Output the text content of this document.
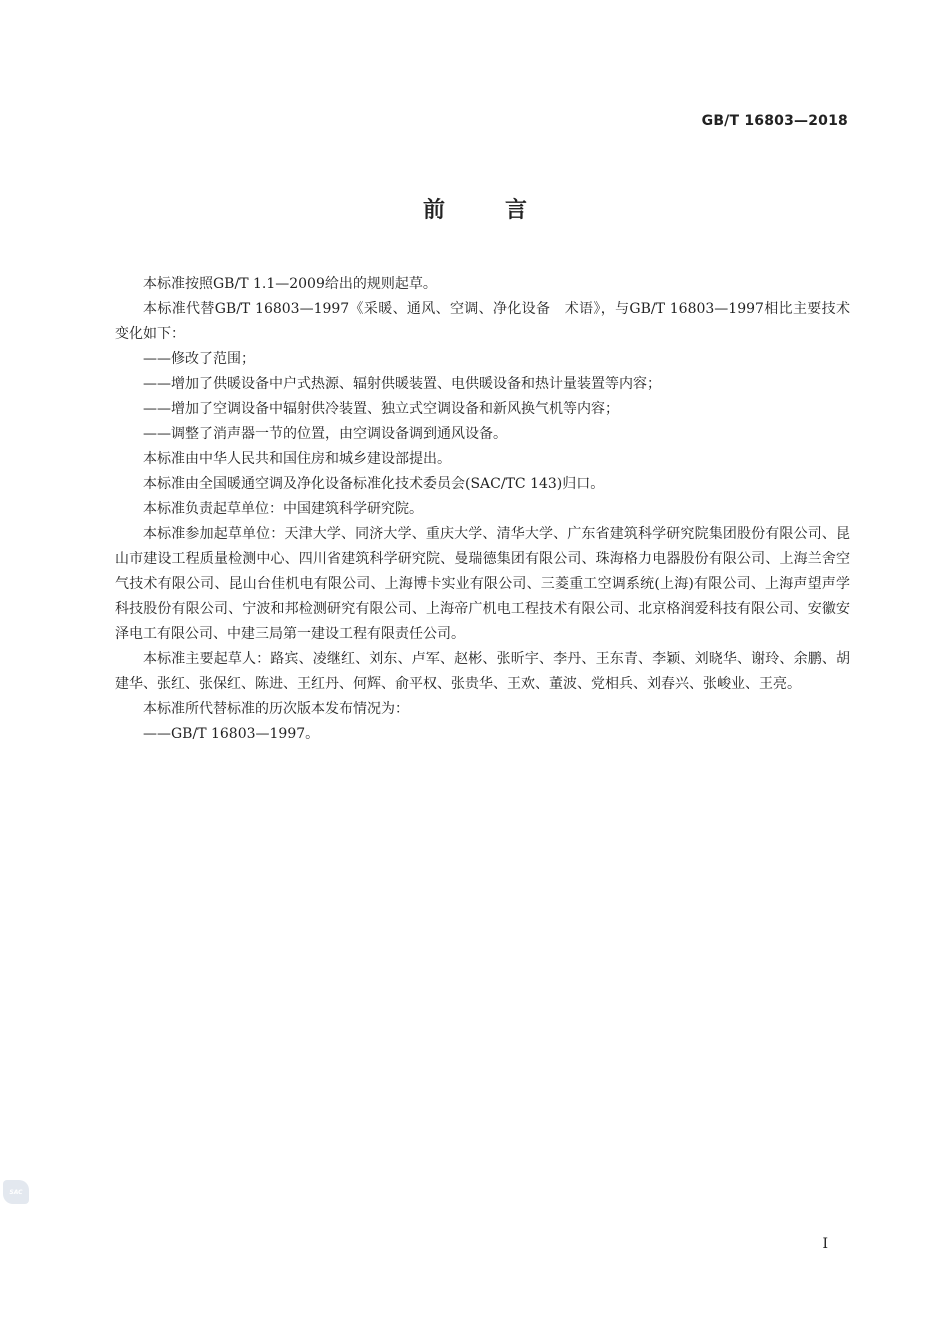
GB/T 16803—2018

前言

本标准按照GB/T 1.1—2009给出的规则起草。

本标准代替GB/T 16803—1997《采暖、通风、空调、净化设备　术语》，与GB/T 16803—1997相比主要技术变化如下：

——修改了范围；

——增加了供暖设备中户式热源、辐射供暖装置、电供暖设备和热计量装置等内容；

——增加了空调设备中辐射供冷装置、独立式空调设备和新风换气机等内容；

——调整了消声器一节的位置，由空调设备调到通风设备。

本标准由中华人民共和国住房和城乡建设部提出。

本标准由全国暖通空调及净化设备标准化技术委员会(SAC/TC 143)归口。

本标准负责起草单位：中国建筑科学研究院。

本标准参加起草单位：天津大学、同济大学、重庆大学、清华大学、广东省建筑科学研究院集团股份有限公司、昆山市建设工程质量检测中心、四川省建筑科学研究院、曼瑞德集团有限公司、珠海格力电器股份有限公司、上海兰舍空气技术有限公司、昆山台佳机电有限公司、上海博卡实业有限公司、三菱重工空调系统(上海)有限公司、上海声望声学科技股份有限公司、宁波和邦检测研究有限公司、上海帝广机电工程技术有限公司、北京格润爱科技有限公司、安徽安泽电工有限公司、中建三局第一建设工程有限责任公司。

本标准主要起草人：路宾、凌继红、刘东、卢军、赵彬、张昕宇、李丹、王东青、李颖、刘晓华、谢玲、余鹏、胡建华、张红、张保红、陈进、王红丹、何辉、俞平权、张贵华、王欢、董波、党相兵、刘春兴、张峻业、王亮。

本标准所代替标准的历次版本发布情况为：

——GB/T 16803—1997。

SAC

I
